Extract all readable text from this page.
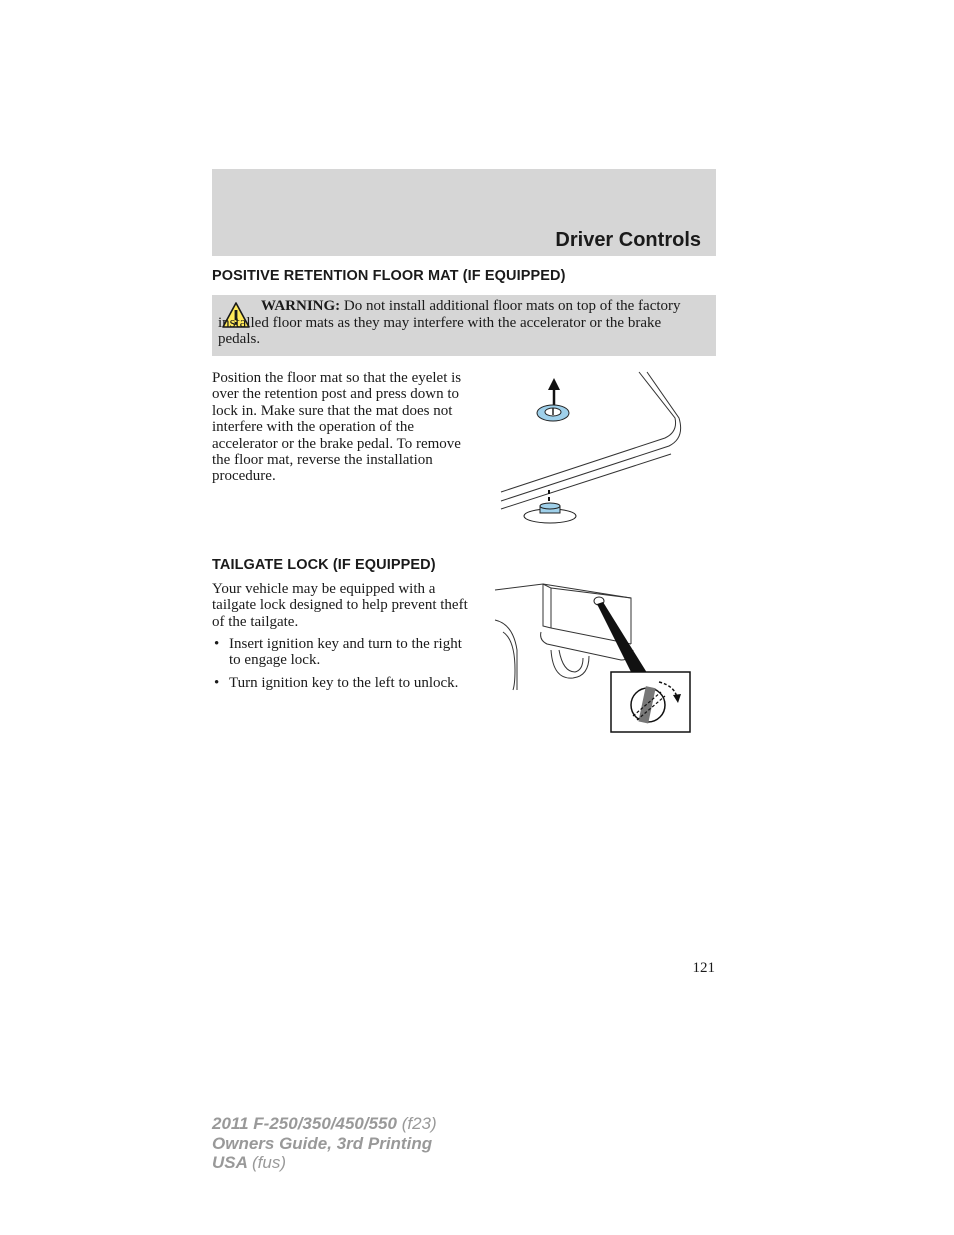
Driver Controls
POSITIVE RETENTION FLOOR MAT (IF EQUIPPED)
WARNING: Do not install additional floor mats on top of the factory installed floor mats as they may interfere with the accelerator or the brake pedals.

Position the floor mat so that the eyelet is over the retention post and press down to lock in. Make sure that the mat does not interfere with the operation of the accelerator or the brake pedal. To remove the floor mat, reverse the installation procedure.

TAILGATE LOCK (IF EQUIPPED)

Your vehicle may be equipped with a tailgate lock designed to help prevent theft of the tailgate.

• Insert ignition key and turn to the right to engage lock.
• Turn ignition key to the left to unlock.
121
2011 F-250/350/450/550 (f23)
Owners Guide, 3rd Printing
USA (fus)
